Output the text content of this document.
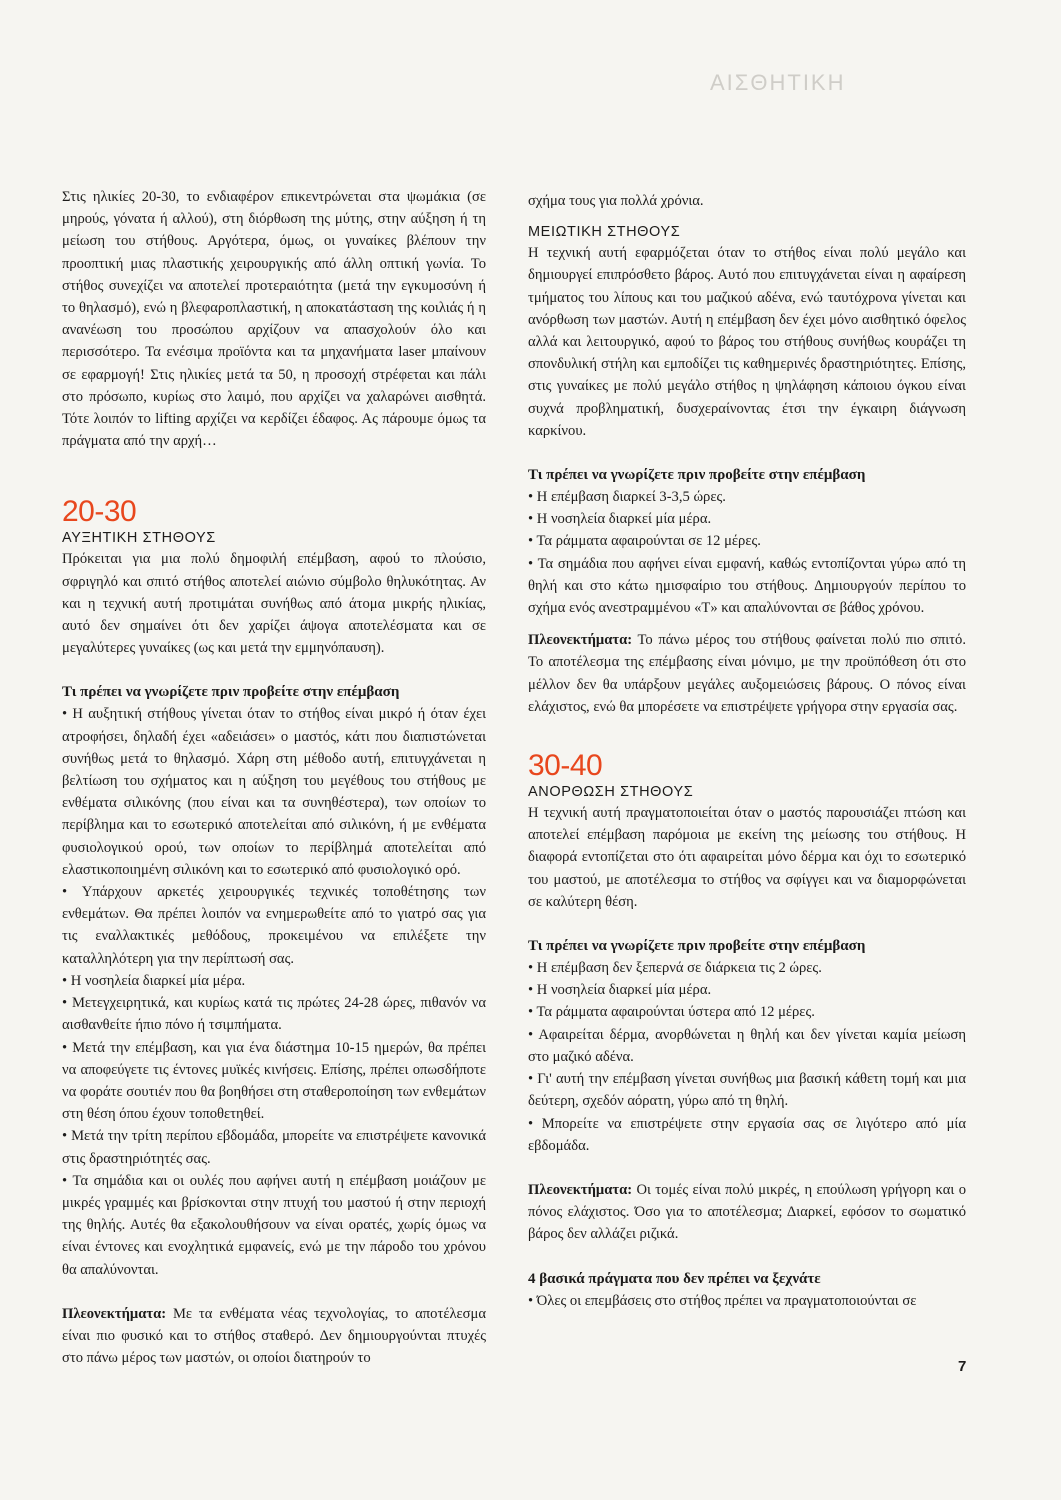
ΑΙΣΘΗΤΙΚΗ

Στις ηλικίες 20-30, το ενδιαφέρον επικεντρώνεται στα ψωμάκια (σε μηρούς, γόνατα ή αλλού), στη διόρθωση της μύτης, στην αύξηση ή τη μείωση του στήθους. Αργότερα, όμως, οι γυναίκες βλέπουν την προοπτική μιας πλαστικής χειρουργικής από άλλη οπτική γωνία. Το στήθος συνεχίζει να αποτελεί προτεραιότητα (μετά την εγκυμοσύνη ή το θηλασμό), ενώ η βλεφαροπλαστική, η αποκατάσταση της κοιλιάς ή η ανανέωση του προσώπου αρχίζουν να απασχολούν όλο και περισσότερο. Τα ενέσιμα προϊόντα και τα μηχανήματα laser μπαίνουν σε εφαρμογή! Στις ηλικίες μετά τα 50, η προσοχή στρέφεται και πάλι στο πρόσωπο, κυρίως στο λαιμό, που αρχίζει να χαλαρώνει αισθητά. Τότε λοιπόν το lifting αρχίζει να κερδίζει έδαφος. Ας πάρουμε όμως τα πράγματα από την αρχή…

20-30

ΑΥΞΗΤΙΚΗ ΣΤΗΘΟΥΣ

Πρόκειται για μια πολύ δημοφιλή επέμβαση, αφού το πλούσιο, σφριγηλό και σπιτό στήθος αποτελεί αιώνιο σύμβολο θηλυκότητας. Αν και η τεχνική αυτή προτιμάται συνήθως από άτομα μικρής ηλικίας, αυτό δεν σημαίνει ότι δεν χαρίζει άψογα αποτελέσματα και σε μεγαλύτερες γυναίκες (ως και μετά την εμμηνόπαυση).

Τι πρέπει να γνωρίζετε πριν προβείτε στην επέμβαση

• Η αυξητική στήθους γίνεται όταν το στήθος είναι μικρό ή όταν έχει ατροφήσει, δηλαδή έχει «αδειάσει» ο μαστός, κάτι που διαπιστώνεται συνήθως μετά το θηλασμό. Χάρη στη μέθοδο αυτή, επιτυγχάνεται η βελτίωση του σχήματος και η αύξηση του μεγέθους του στήθους με ενθέματα σιλικόνης (που είναι και τα συνηθέστερα), των οποίων το περίβλημα και το εσωτερικό αποτελείται από σιλικόνη, ή με ενθέματα φυσιολογικού ορού, των οποίων το περίβλημά αποτελείται από ελαστικοποιημένη σιλικόνη και το εσωτερικό από φυσιολογικό ορό.

• Υπάρχουν αρκετές χειρουργικές τεχνικές τοποθέτησης των ενθεμάτων. Θα πρέπει λοιπόν να ενημερωθείτε από το γιατρό σας για τις εναλλακτικές μεθόδους, προκειμένου να επιλέξετε την καταλληλότερη για την περίπτωσή σας.

• Η νοσηλεία διαρκεί μία μέρα.

• Μετεγχειρητικά, και κυρίως κατά τις πρώτες 24-28 ώρες, πιθανόν να αισθανθείτε ήπιο πόνο ή τσιμπήματα.

• Μετά την επέμβαση, και για ένα διάστημα 10-15 ημερών, θα πρέπει να αποφεύγετε τις έντονες μυϊκές κινήσεις. Επίσης, πρέπει οπωσδήποτε να φοράτε σουτιέν που θα βοηθήσει στη σταθεροποίηση των ενθεμάτων στη θέση όπου έχουν τοποθετηθεί.

• Μετά την τρίτη περίπου εβδομάδα, μπορείτε να επιστρέψετε κανονικά στις δραστηριότητές σας.

• Τα σημάδια και οι ουλές που αφήνει αυτή η επέμβαση μοιάζουν με μικρές γραμμές και βρίσκονται στην πτυχή του μαστού ή στην περιοχή της θηλής. Αυτές θα εξακολουθήσουν να είναι ορατές, χωρίς όμως να είναι έντονες και ενοχλητικά εμφανείς, ενώ με την πάροδο του χρόνου θα απαλύνονται.

Πλεονεκτήματα: Με τα ενθέματα νέας τεχνολογίας, το αποτέλεσμα είναι πιο φυσικό και το στήθος σταθερό. Δεν δημιουργούνται πτυχές στο πάνω μέρος των μαστών, οι οποίοι διατηρούν το

σχήμα τους για πολλά χρόνια.

ΜΕΙΩΤΙΚΗ ΣΤΗΘΟΥΣ

Η τεχνική αυτή εφαρμόζεται όταν το στήθος είναι πολύ μεγάλο και δημιουργεί επιπρόσθετο βάρος. Αυτό που επιτυγχάνεται είναι η αφαίρεση τμήματος του λίπους και του μαζικού αδένα, ενώ ταυτόχρονα γίνεται και ανόρθωση των μαστών. Αυτή η επέμβαση δεν έχει μόνο αισθητικό όφελος αλλά και λειτουργικό, αφού το βάρος του στήθους συνήθως κουράζει τη σπονδυλική στήλη και εμποδίζει τις καθημερινές δραστηριότητες. Επίσης, στις γυναίκες με πολύ μεγάλο στήθος η ψηλάφηση κάποιου όγκου είναι συχνά προβληματική, δυσχεραίνοντας έτσι την έγκαιρη διάγνωση καρκίνου.

Τι πρέπει να γνωρίζετε πριν προβείτε στην επέμβαση

• Η επέμβαση διαρκεί 3-3,5 ώρες.

• Η νοσηλεία διαρκεί μία μέρα.

• Τα ράμματα αφαιρούνται σε 12 μέρες.

• Τα σημάδια που αφήνει είναι εμφανή, καθώς εντοπίζονται γύρω από τη θηλή και στο κάτω ημισφαίριο του στήθους. Δημιουργούν περίπου το σχήμα ενός ανεστραμμένου «Τ» και απαλύνονται σε βάθος χρόνου.

Πλεονεκτήματα: Το πάνω μέρος του στήθους φαίνεται πολύ πιο σπιτό. Το αποτέλεσμα της επέμβασης είναι μόνιμο, με την προϋπόθεση ότι στο μέλλον δεν θα υπάρξουν μεγάλες αυξομειώσεις βάρους. Ο πόνος είναι ελάχιστος, ενώ θα μπορέσετε να επιστρέψετε γρήγορα στην εργασία σας.

30-40

ΑΝΟΡΘΩΣΗ ΣΤΗΘΟΥΣ

Η τεχνική αυτή πραγματοποιείται όταν ο μαστός παρουσιάζει πτώση και αποτελεί επέμβαση παρόμοια με εκείνη της μείωσης του στήθους. Η διαφορά εντοπίζεται στο ότι αφαιρείται μόνο δέρμα και όχι το εσωτερικό του μαστού, με αποτέλεσμα το στήθος να σφίγγει και να διαμορφώνεται σε καλύτερη θέση.

Τι πρέπει να γνωρίζετε πριν προβείτε στην επέμβαση

• Η επέμβαση δεν ξεπερνά σε διάρκεια τις 2 ώρες.

• Η νοσηλεία διαρκεί μία μέρα.

• Τα ράμματα αφαιρούνται ύστερα από 12 μέρες.

• Αφαιρείται δέρμα, ανορθώνεται η θηλή και δεν γίνεται καμία μείωση στο μαζικό αδένα.

• Γι' αυτή την επέμβαση γίνεται συνήθως μια βασική κάθετη τομή και μια δεύτερη, σχεδόν αόρατη, γύρω από τη θηλή.

• Μπορείτε να επιστρέψετε στην εργασία σας σε λιγότερο από μία εβδομάδα.

Πλεονεκτήματα: Οι τομές είναι πολύ μικρές, η επούλωση γρήγορη και ο πόνος ελάχιστος. Όσο για το αποτέλεσμα; Διαρκεί, εφόσον το σωματικό βάρος δεν αλλάζει ριζικά.

4 βασικά πράγματα που δεν πρέπει να ξεχνάτε

• Όλες οι επεμβάσεις στο στήθος πρέπει να πραγματοποιούνται σε

7
